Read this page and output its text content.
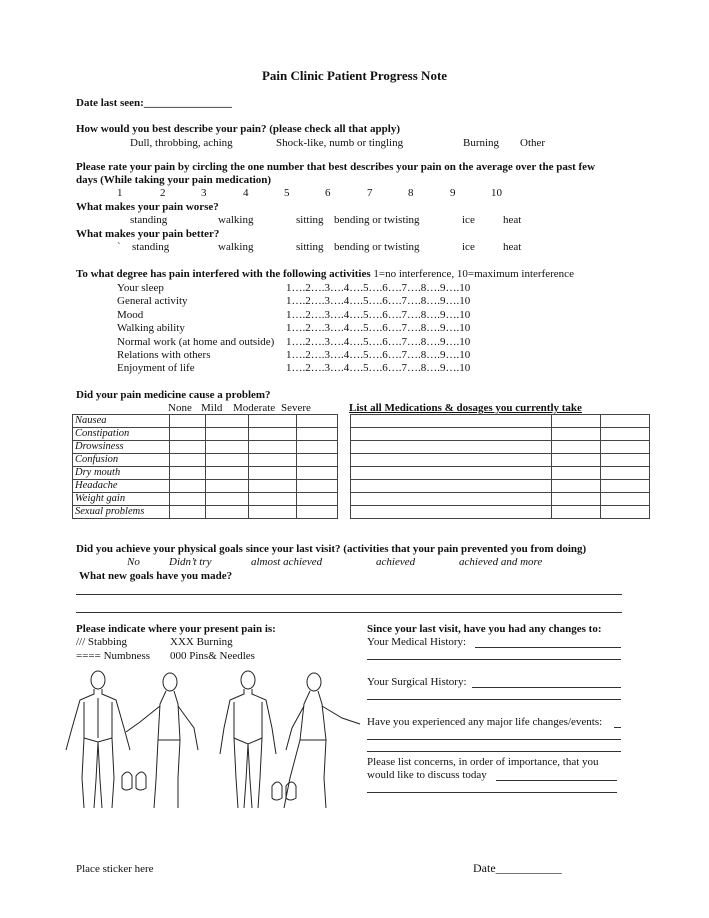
Pain Clinic Patient Progress Note
Date last seen:________________
How would you best describe your pain? (please check all that apply)
Dull, throbbing, aching	Shock-like, numb or tingling	Burning Other
Please rate your pain by circling the one number that best describes your pain on the average over the past few
days (While taking your pain medication)
1	2	3	4	5	6	7	8	9	10
What makes your pain worse?
standing	walking	sitting bending or twisting	ice	heat
What makes your pain better?
` standing	walking	sitting bending or twisting	ice	heat
To what degree has pain interfered with the following activities 1=no interference, 10=maximum interference
Your sleep	1….2….3….4….5….6….7….8….9….10
General activity	1….2….3….4….5….6….7….8….9….10
Mood	1….2….3….4….5….6….7….8….9….10
Walking ability	1….2….3….4….5….6….7….8….9….10
Normal work (at home and outside) 1….2….3….4….5….6….7….8….9….10
Relations with others	1….2….3….4….5….6….7….8….9….10
Enjoyment of life	1….2….3….4….5….6….7….8….9….10
Did your pain medicine cause a problem?
None Mild Moderate Severe	List all Medications & dosages you currently take
Nausea				
Constipation				
Drowsiness				
Confusion				
Dry mouth				
Headache				
Weight gain				
Sexual problems				

Did you achieve your physical goals since your last visit? (activities that your pain prevented you from doing)
No	Didn’t try	almost achieved	achieved	achieved and more
What new goals have you made?
Please indicate where your present pain is:
/// Stabbing	XXX Burning
==== Numbness 000 Pins& Needles
Since your last visit, have you had any changes to:
Your Medical History:
Your Surgical History:
Have you experienced any major life changes/events:
Please list concerns, in order of importance, that you
would like to discuss today
Place sticker here	Date___________
